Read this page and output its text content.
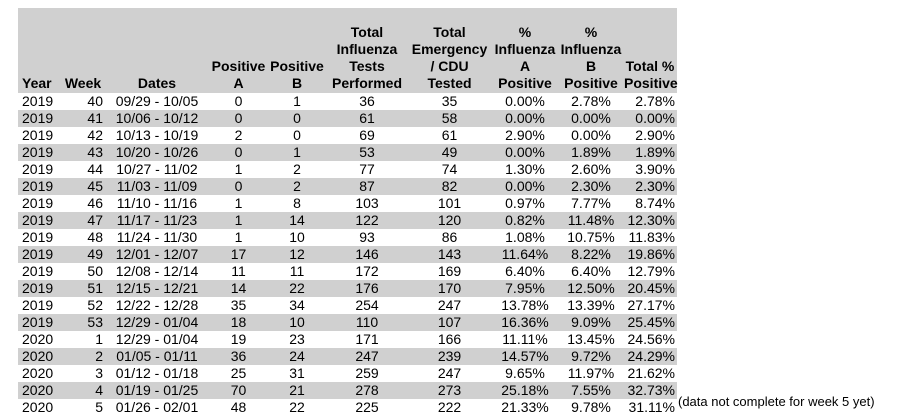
Year	Week	Dates	Positive A	Positive B	Total Influenza Tests Performed	Total Emergency / CDU Tested	% Influenza A Positive	% Influenza B Positive	Total % Positive
2019	40	09/29 - 10/05	0	1	36	35	0.00%	2.78%	2.78%
2019	41	10/06 - 10/12	0	0	61	58	0.00%	0.00%	0.00%
2019	42	10/13 - 10/19	2	0	69	61	2.90%	0.00%	2.90%
2019	43	10/20 - 10/26	0	1	53	49	0.00%	1.89%	1.89%
2019	44	10/27 - 11/02	1	2	77	74	1.30%	2.60%	3.90%
2019	45	11/03 - 11/09	0	2	87	82	0.00%	2.30%	2.30%
2019	46	11/10 - 11/16	1	8	103	101	0.97%	7.77%	8.74%
2019	47	11/17 - 11/23	1	14	122	120	0.82%	11.48%	12.30%
2019	48	11/24 - 11/30	1	10	93	86	1.08%	10.75%	11.83%
2019	49	12/01 - 12/07	17	12	146	143	11.64%	8.22%	19.86%
2019	50	12/08 - 12/14	11	11	172	169	6.40%	6.40%	12.79%
2019	51	12/15 - 12/21	14	22	176	170	7.95%	12.50%	20.45%
2019	52	12/22 - 12/28	35	34	254	247	13.78%	13.39%	27.17%
2019	53	12/29 - 01/04	18	10	110	107	16.36%	9.09%	25.45%
2020	1	12/29 - 01/04	19	23	171	166	11.11%	13.45%	24.56%
2020	2	01/05 - 01/11	36	24	247	239	14.57%	9.72%	24.29%
2020	3	01/12 - 01/18	25	31	259	247	9.65%	11.97%	21.62%
2020	4	01/19 - 01/25	70	21	278	273	25.18%	7.55%	32.73%
2020	5	01/26 - 02/01	48	22	225	222	21.33%	9.78%	31.11% (data not complete for week 5 yet)
